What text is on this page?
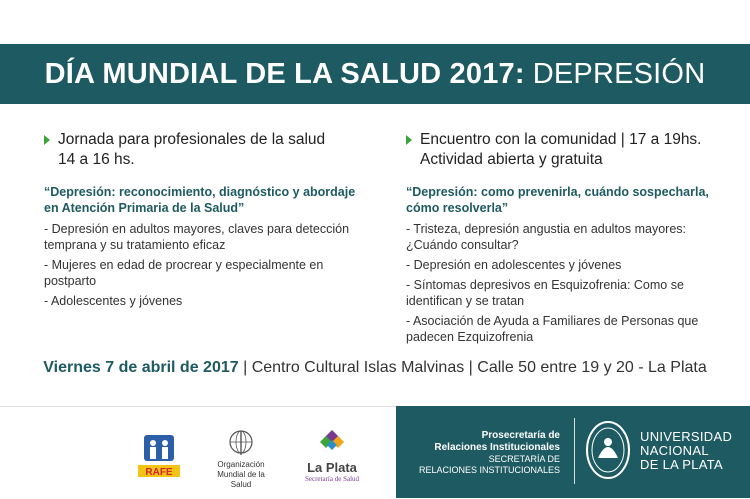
DÍA MUNDIAL DE LA SALUD 2017: DEPRESIÓN
Jornada para profesionales de la salud
14 a 16 hs.
“Depresión: reconocimiento, diagnóstico y abordaje en Atención Primaria de la Salud”
- Depresión en adultos mayores, claves para detección temprana y su tratamiento eficaz
- Mujeres en edad de procrear y especialmente en postparto
- Adolescentes y jóvenes
Encuentro con la comunidad | 17 a 19hs.
Actividad abierta y gratuita
“Depresión: como prevenirla, cuándo sospecharla, cómo resolverla”
- Tristeza, depresión angustia en adultos mayores: ¿Cuándo consultar?
- Depresión en adolescentes y jóvenes
- Síntomas depresivos en Esquizofrenia: Como se identifican y se tratan
- Asociación de Ayuda a Familiares de Personas que padecen Ezquizofrenia
Viernes 7 de abril de 2017 | Centro Cultural Islas Malvinas | Calle 50 entre 19 y 20 - La Plata
RAFE
Organización
Mundial de la Salud
La Plata
Secretaría de Salud
Prosecretaría de
Relaciones Institucionales
SECRETARÍA DE
RELACIONES INSTITUCIONALES
UNIVERSIDAD
NACIONAL
DE LA PLATA
